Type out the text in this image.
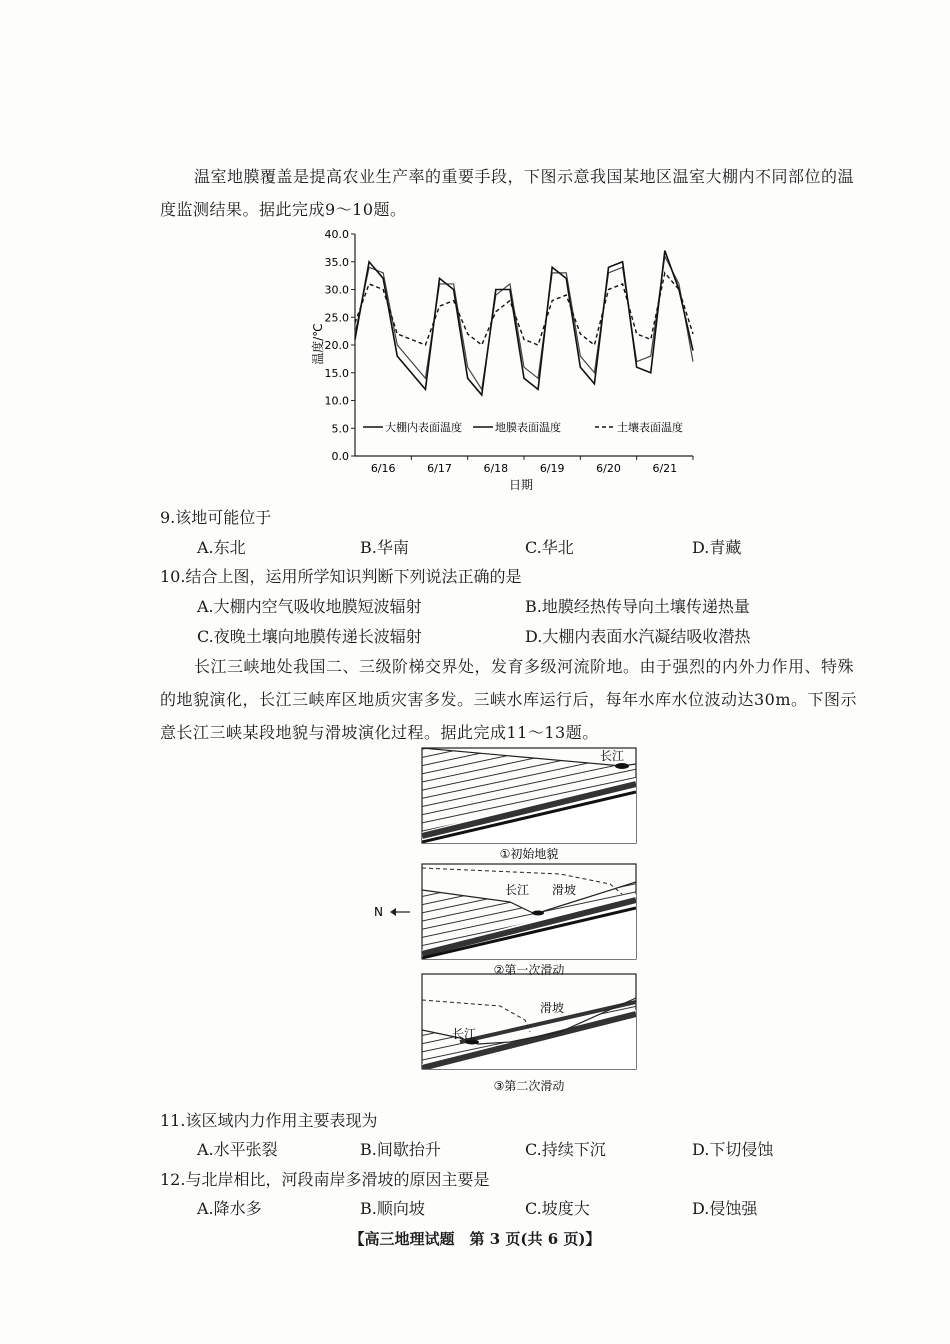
温室地膜覆盖是提高农业生产率的重要手段，下图示意我国某地区温室大棚内不同部位的温度监测结果。据此完成9～10题。
0.0
5.0
10.0
15.0
20.0
25.0
30.0
35.0
40.0
6/16	6/17	6/18	6/19	6/20	6/21
大棚内表面温度	地膜表面温度	土壤表面温度
温度/℃
日期
9.该地可能位于
A.东北	B.华南	C.华北	D.青藏
10.结合上图，运用所学知识判断下列说法正确的是
A.大棚内空气吸收地膜短波辐射	B.地膜经热传导向土壤传递热量
C.夜晚土壤向地膜传递长波辐射	D.大棚内表面水汽凝结吸收潜热
长江三峡地处我国二、三级阶梯交界处，发育多级河流阶地。由于强烈的内外力作用、特殊的地貌演化，长江三峡库区地质灾害多发。三峡水库运行后，每年水库水位波动达30m。下图示意长江三峡某段地貌与滑坡演化过程。据此完成11～13题。
长江
①初始地貌
长江 滑坡
N
②第一次滑动
长江
滑坡
③第二次滑动
11.该区域内力作用主要表现为
A.水平张裂	B.间歇抬升	C.持续下沉	D.下切侵蚀
12.与北岸相比，河段南岸多滑坡的原因主要是
A.降水多	B.顺向坡	C.坡度大	D.侵蚀强
【高三地理试题　第 3 页(共 6 页)】
